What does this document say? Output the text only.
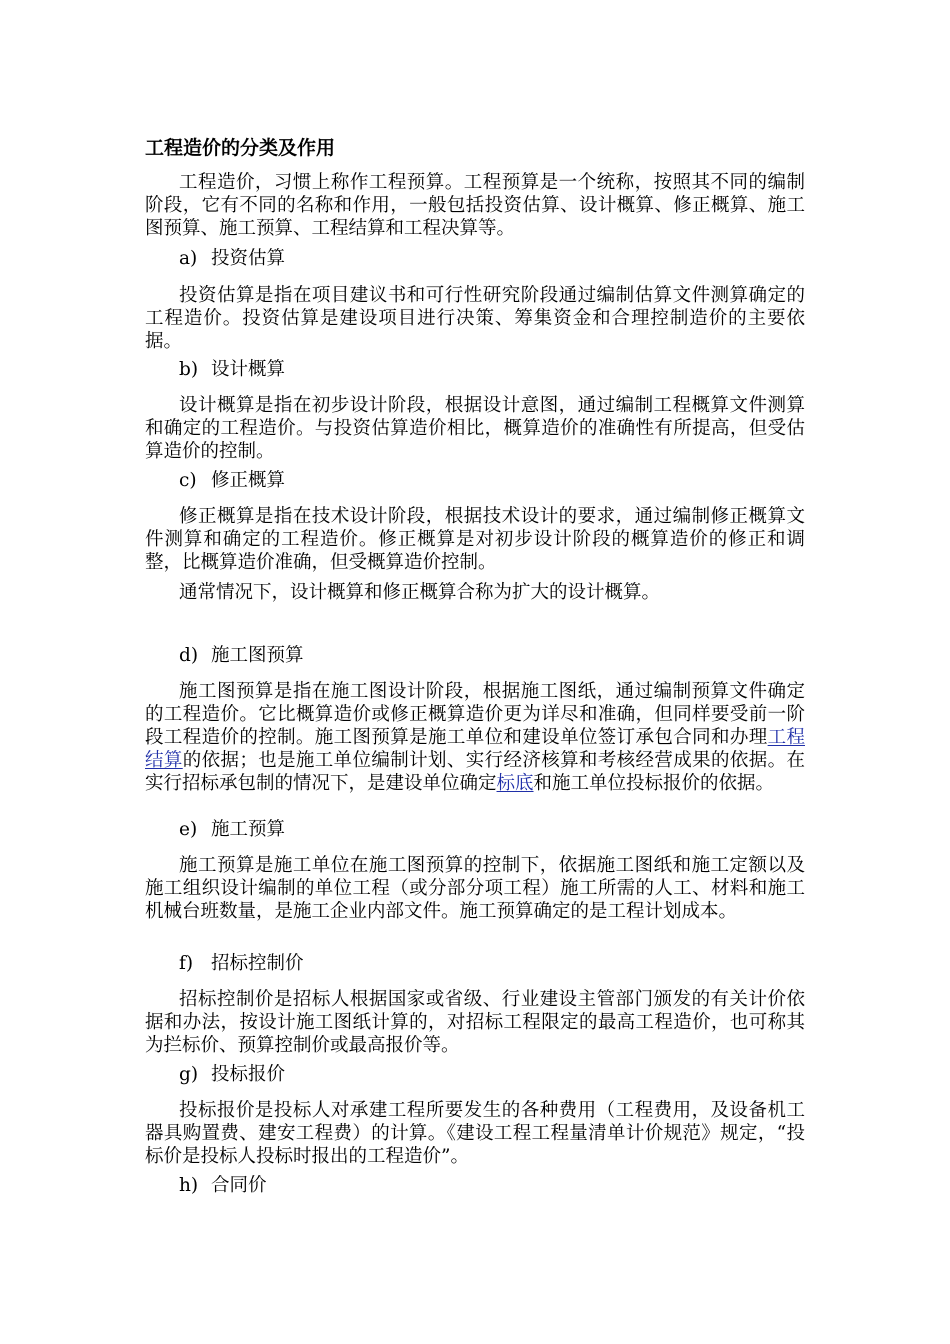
工程造价的分类及作用

工程造价，习惯上称作工程预算。工程预算是一个统称，按照其不同的编制阶段，它有不同的名称和作用，一般包括投资估算、设计概算、修正概算、施工图预算、施工预算、工程结算和工程决算等。

a) 投资估算

投资估算是指在项目建议书和可行性研究阶段通过编制估算文件测算确定的工程造价。投资估算是建设项目进行决策、筹集资金和合理控制造价的主要依据。

b) 设计概算

设计概算是指在初步设计阶段，根据设计意图，通过编制工程概算文件测算和确定的工程造价。与投资估算造价相比，概算造价的准确性有所提高，但受估算造价的控制。

c) 修正概算

修正概算是指在技术设计阶段，根据技术设计的要求，通过编制修正概算文件测算和确定的工程造价。修正概算是对初步设计阶段的概算造价的修正和调整，比概算造价准确，但受概算造价控制。

通常情况下，设计概算和修正概算合称为扩大的设计概算。

d) 施工图预算

施工图预算是指在施工图设计阶段，根据施工图纸，通过编制预算文件确定的工程造价。它比概算造价或修正概算造价更为详尽和准确，但同样要受前一阶段工程造价的控制。施工图预算是施工单位和建设单位签订承包合同和办理工程结算的依据；也是施工单位编制计划、实行经济核算和考核经营成果的依据。在实行招标承包制的情况下，是建设单位确定标底和施工单位投标报价的依据。

e) 施工预算

施工预算是施工单位在施工图预算的控制下，依据施工图纸和施工定额以及施工组织设计编制的单位工程（或分部分项工程）施工所需的人工、材料和施工机械台班数量，是施工企业内部文件。施工预算确定的是工程计划成本。

f) 招标控制价

招标控制价是招标人根据国家或省级、行业建设主管部门颁发的有关计价依据和办法，按设计施工图纸计算的，对招标工程限定的最高工程造价，也可称其为拦标价、预算控制价或最高报价等。

g) 投标报价

投标报价是投标人对承建工程所要发生的各种费用（工程费用，及设备机工器具购置费、建安工程费）的计算。《建设工程工程量清单计价规范》规定，“投标价是投标人投标时报出的工程造价”。

h) 合同价
